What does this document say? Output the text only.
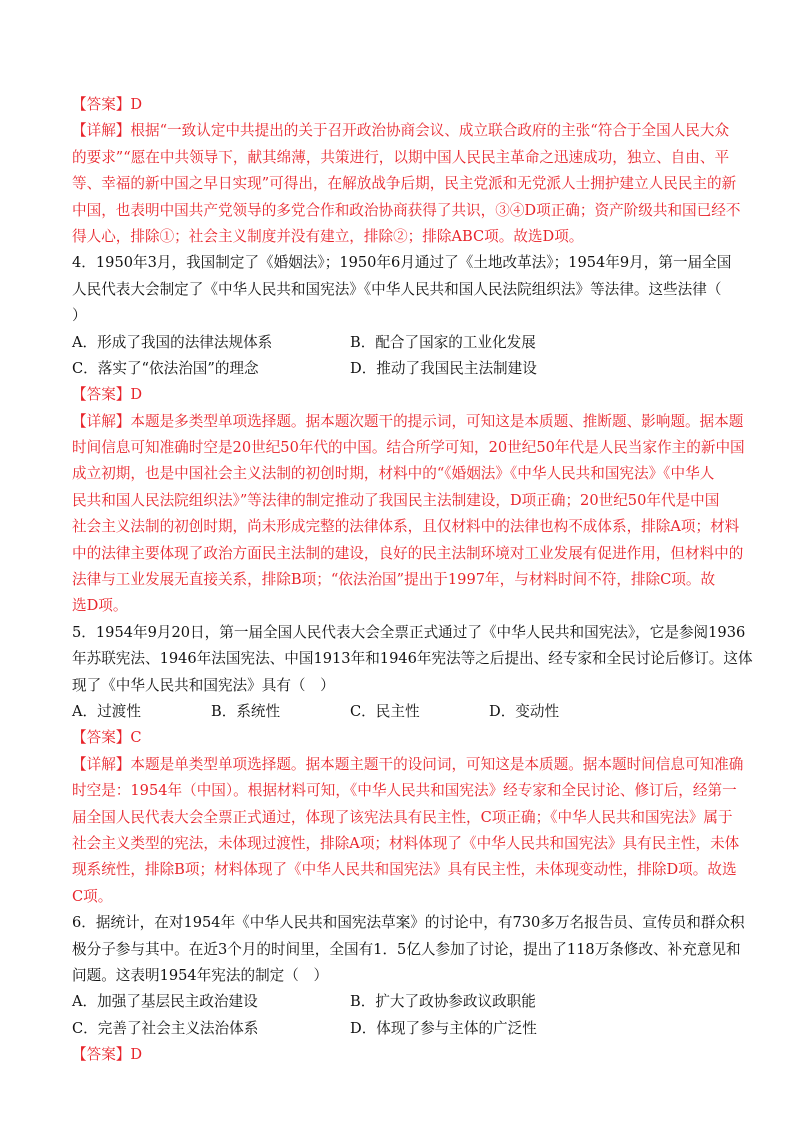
【答案】D
【详解】根据“一致认定中共提出的关于召开政治协商会议、成立联合政府的主张“符合于全国人民大众
的要求”“愿在中共领导下，献其绵薄，共策进行，以期中国人民民主革命之迅速成功，独立、自由、平
等、幸福的新中国之早日实现”可得出，在解放战争后期，民主党派和无党派人士拥护建立人民民主的新
中国，也表明中国共产党领导的多党合作和政治协商获得了共识，③④D项正确；资产阶级共和国已经不
得人心，排除①；社会主义制度并没有建立，排除②；排除ABC项。故选D项。
4．1950年3月，我国制定了《婚姻法》；1950年6月通过了《土地改革法》；1954年9月，第一届全国
人民代表大会制定了《中华人民共和国宪法》《中华人民共和国人民法院组织法》等法律。这些法律（
）
A．形成了我国的法律法规体系	B．配合了国家的工业化发展
C．落实了“依法治国”的理念	D．推动了我国民主法制建设
【答案】D
【详解】本题是多类型单项选择题。据本题次题干的提示词，可知这是本质题、推断题、影响题。据本题
时间信息可知准确时空是20世纪50年代的中国。结合所学可知，20世纪50年代是人民当家作主的新中国
成立初期，也是中国社会主义法制的初创时期，材料中的“《婚姻法》《中华人民共和国宪法》《中华人
民共和国人民法院组织法》”等法律的制定推动了我国民主法制建设，D项正确；20世纪50年代是中国
社会主义法制的初创时期，尚未形成完整的法律体系，且仅材料中的法律也构不成体系，排除A项；材料
中的法律主要体现了政治方面民主法制的建设，良好的民主法制环境对工业发展有促进作用，但材料中的
法律与工业发展无直接关系，排除B项；“依法治国”提出于1997年，与材料时间不符，排除C项。故
选D项。
5．1954年9月20日，第一届全国人民代表大会全票正式通过了《中华人民共和国宪法》，它是参阅1936
年苏联宪法、1946年法国宪法、中国1913年和1946年宪法等之后提出、经专家和全民讨论后修订。这体
现了《中华人民共和国宪法》具有（　）
A．过渡性	B．系统性	C．民主性	D．变动性
【答案】C
【详解】本题是单类型单项选择题。据本题主题干的设问词，可知这是本质题。据本题时间信息可知准确
时空是：1954年（中国）。根据材料可知，《中华人民共和国宪法》经专家和全民讨论、修订后，经第一
届全国人民代表大会全票正式通过，体现了该宪法具有民主性，C项正确；《中华人民共和国宪法》属于
社会主义类型的宪法，未体现过渡性，排除A项；材料体现了《中华人民共和国宪法》具有民主性，未体
现系统性，排除B项；材料体现了《中华人民共和国宪法》具有民主性，未体现变动性，排除D项。故选
C项。
6．据统计，在对1954年《中华人民共和国宪法草案》的讨论中，有730多万名报告员、宣传员和群众积
极分子参与其中。在近3个月的时间里，全国有1．5亿人参加了讨论，提出了118万条修改、补充意见和
问题。这表明1954年宪法的制定（　）
A．加强了基层民主政治建设	B．扩大了政协参政议政职能
C．完善了社会主义法治体系	D．体现了参与主体的广泛性
【答案】D
